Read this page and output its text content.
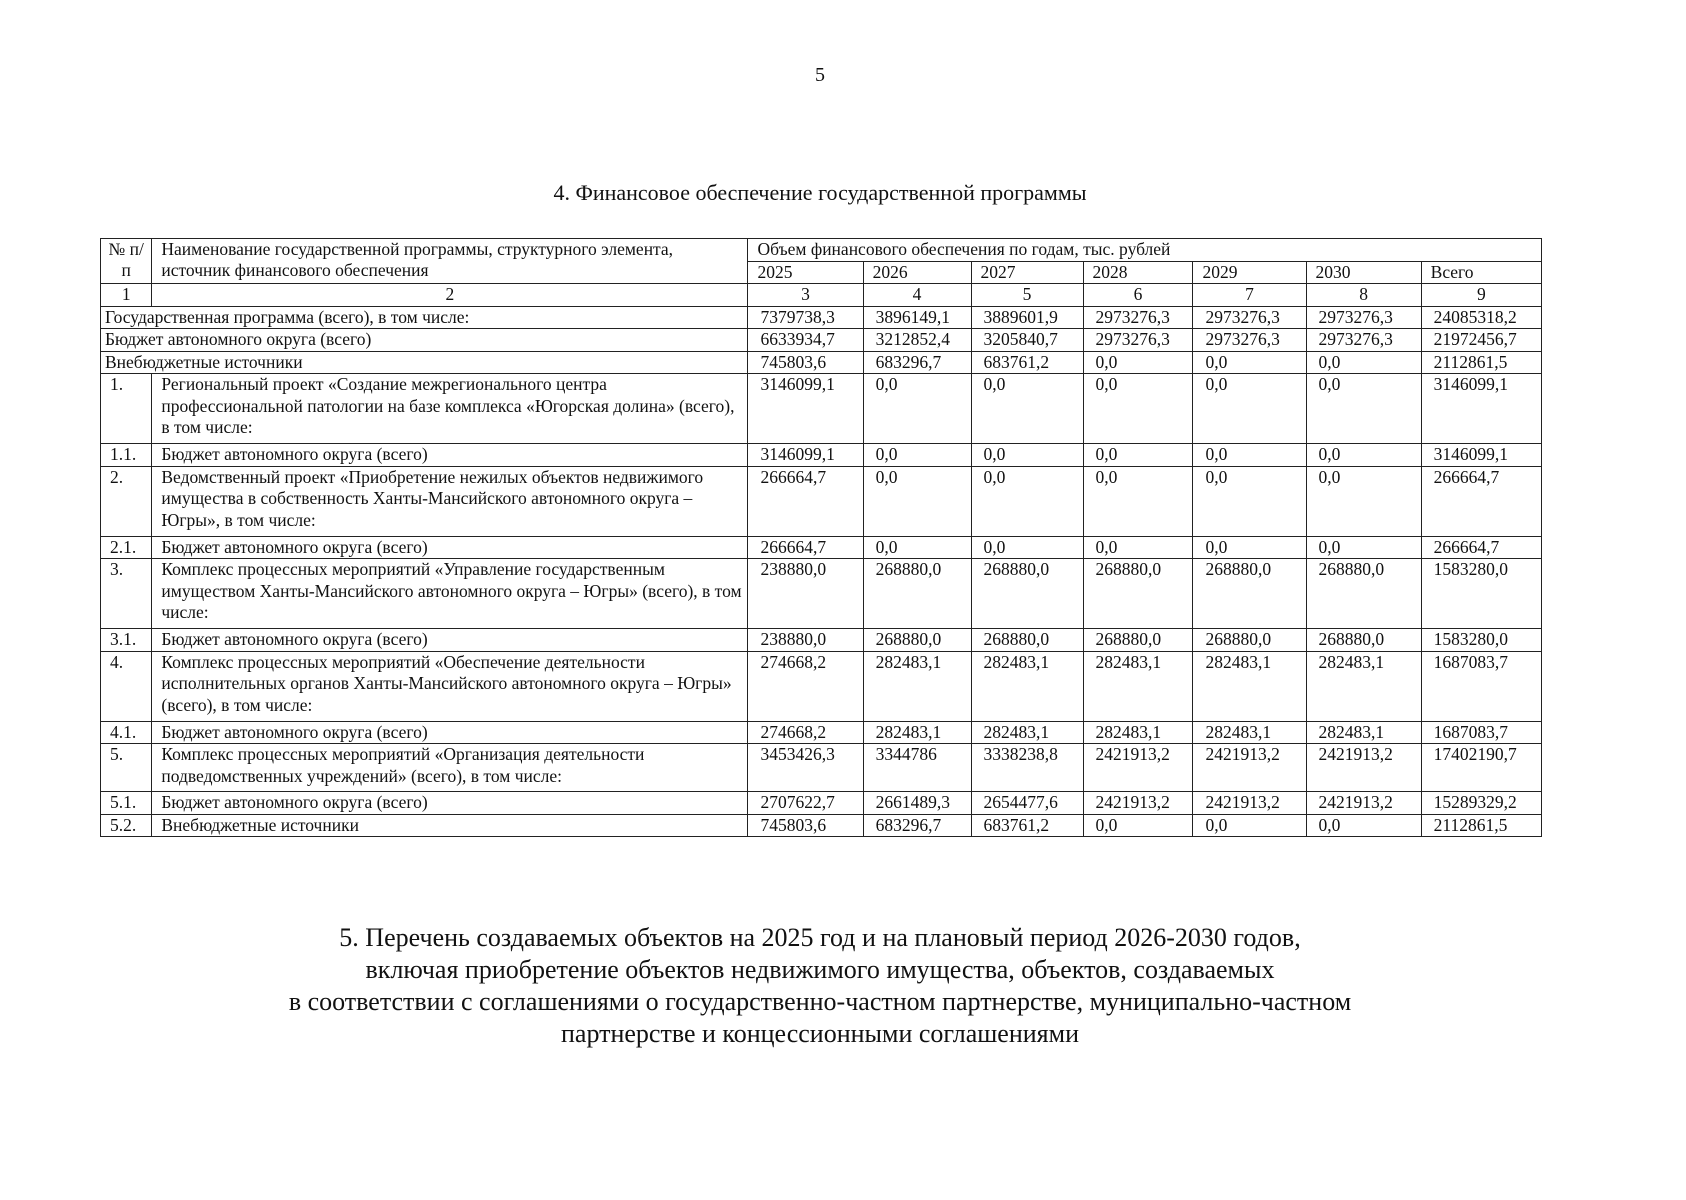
5
4. Финансовое обеспечение государственной программы
№ п/п	Наименование государственной программы, структурного элемента, источник финансового обеспечения	Объем финансового обеспечения по годам, тыс. рублей						
		2025	2026	2027	2028	2029	2030	Всего
1	2	3	4	5	6	7	8	9
Государственная программа (всего), в том числе:		7379738,3	3896149,1	3889601,9	2973276,3	2973276,3	2973276,3	24085318,2
Бюджет автономного округа (всего)		6633934,7	3212852,4	3205840,7	2973276,3	2973276,3	2973276,3	21972456,7
Внебюджетные источники		745803,6	683296,7	683761,2	0,0	0,0	0,0	2112861,5
1.	Региональный проект «Создание межрегионального центра профессиональной патологии на базе комплекса «Югорская долина» (всего), в том числе:	3146099,1	0,0	0,0	0,0	0,0	0,0	3146099,1
1.1.	Бюджет автономного округа (всего)	3146099,1	0,0	0,0	0,0	0,0	0,0	3146099,1
2.	Ведомственный проект «Приобретение нежилых объектов недвижимого имущества в собственность Ханты-Мансийского автономного округа – Югры», в том числе:	266664,7	0,0	0,0	0,0	0,0	0,0	266664,7
2.1.	Бюджет автономного округа (всего)	266664,7	0,0	0,0	0,0	0,0	0,0	266664,7
3.	Комплекс процессных мероприятий «Управление государственным имуществом Ханты-Мансийского автономного округа – Югры» (всего), в том числе:	238880,0	268880,0	268880,0	268880,0	268880,0	268880,0	1583280,0
3.1.	Бюджет автономного округа (всего)	238880,0	268880,0	268880,0	268880,0	268880,0	268880,0	1583280,0
4.	Комплекс процессных мероприятий «Обеспечение деятельности исполнительных органов Ханты-Мансийского автономного округа – Югры» (всего), в том числе:	274668,2	282483,1	282483,1	282483,1	282483,1	282483,1	1687083,7
4.1.	Бюджет автономного округа (всего)	274668,2	282483,1	282483,1	282483,1	282483,1	282483,1	1687083,7
5.	Комплекс процессных мероприятий «Организация деятельности подведомственных учреждений» (всего), в том числе:	3453426,3	3344786	3338238,8	2421913,2	2421913,2	2421913,2	17402190,7
5.1.	Бюджет автономного округа (всего)	2707622,7	2661489,3	2654477,6	2421913,2	2421913,2	2421913,2	15289329,2
5.2.	Внебюджетные источники	745803,6	683296,7	683761,2	0,0	0,0	0,0	2112861,5
5. Перечень создаваемых объектов на 2025 год и на плановый период 2026-2030 годов,
включая приобретение объектов недвижимого имущества, объектов, создаваемых
в соответствии с соглашениями о государственно-частном партнерстве, муниципально-частном
партнерстве и концессионными соглашениями
